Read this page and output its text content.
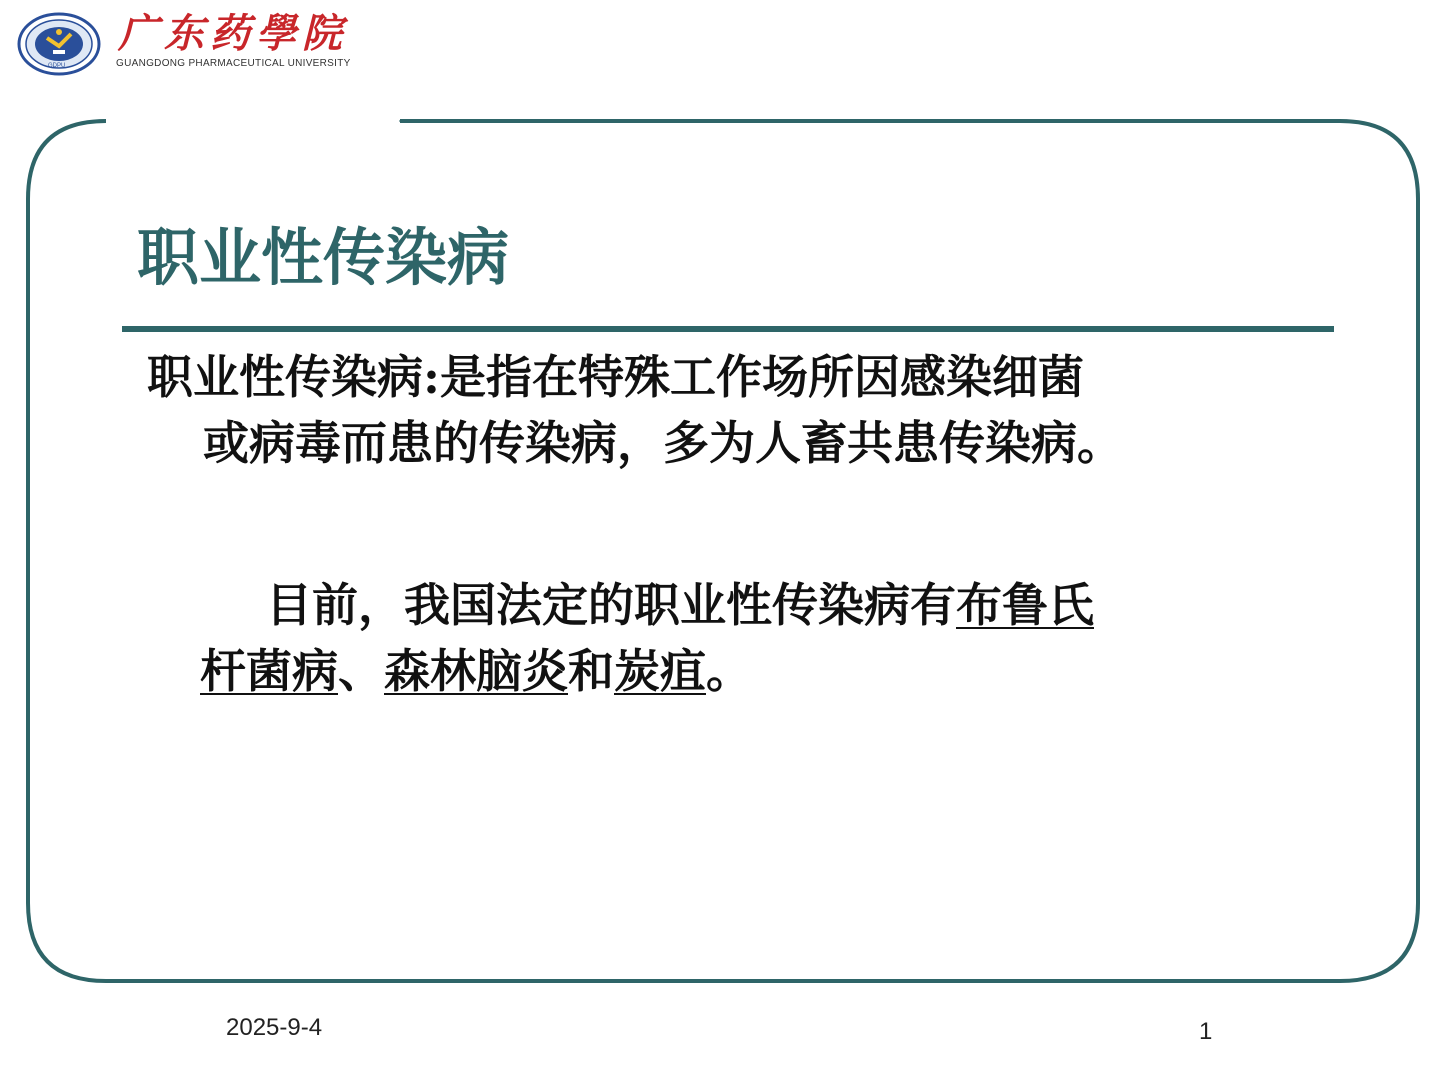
GDPU
广东药學院
GUANGDONG PHARMACEUTICAL UNIVERSITY
职业性传染病
职业性传染病:是指在特殊工作场所因感染细菌
或病毒而患的传染病，多为人畜共患传染病。
目前，我国法定的职业性传染病有布鲁氏
杆菌病、森林脑炎和炭疽。
2025-9-4	1
